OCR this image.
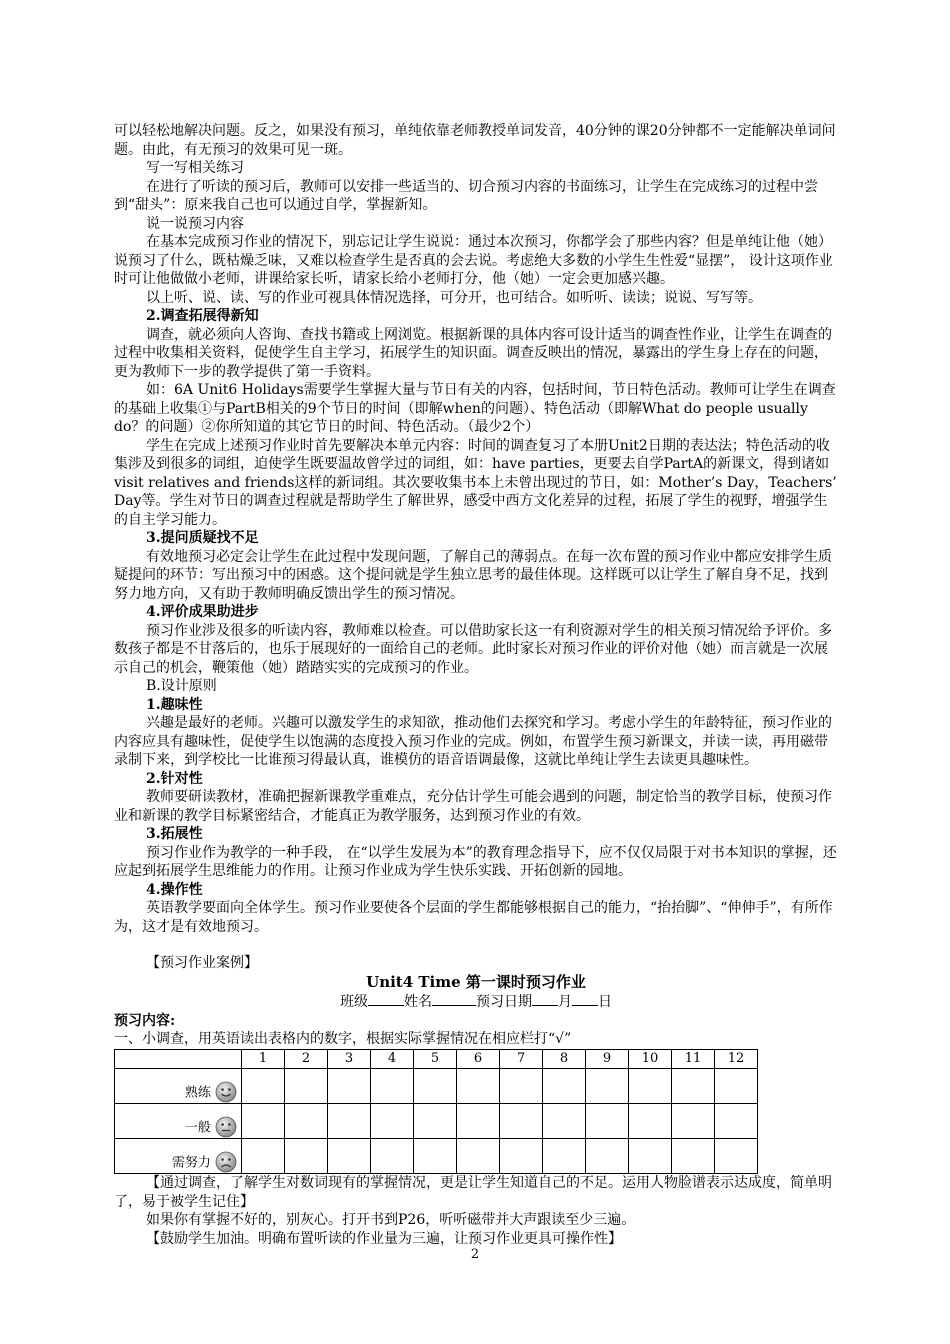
可以轻松地解决问题。反之，如果没有预习，单纯依靠老师教授单词发音，40分钟的课20分钟都不一定能解决单词问题。由此，有无预习的效果可见一斑。

写一写相关练习

在进行了听读的预习后，教师可以安排一些适当的、切合预习内容的书面练习，让学生在完成练习的过程中尝到“甜头”：原来我自己也可以通过自学，掌握新知。

说一说预习内容

在基本完成预习作业的情况下，别忘记让学生说说：通过本次预习，你都学会了那些内容？但是单纯让他（她）说预习了什么，既枯燥乏味，又难以检查学生是否真的会去说。考虑绝大多数的小学生生性爱“显摆”， 设计这项作业时可让他做做小老师，讲课给家长听，请家长给小老师打分，他（她）一定会更加感兴趣。

以上听、说、读、写的作业可视具体情况选择，可分开，也可结合。如听听、读读；说说、写写等。

2.调查拓展得新知

调查，就必须向人咨询、查找书籍或上网浏览。根据新课的具体内容可设计适当的调查性作业，让学生在调查的过程中收集相关资料，促使学生自主学习，拓展学生的知识面。调查反映出的情况，暴露出的学生身上存在的问题，更为教师下一步的教学提供了第一手资料。

如：6A Unit6 Holidays需要学生掌握大量与节日有关的内容，包括时间，节日特色活动。教师可让学生在调查的基础上收集①与PartB相关的9个节日的时间（即解when的问题）、特色活动（即解What do people usually do？的问题）②你所知道的其它节日的时间、特色活动。（最少2个）

学生在完成上述预习作业时首先要解决本单元内容：时间的调查复习了本册Unit2日期的表达法；特色活动的收集涉及到很多的词组，迫使学生既要温故曾学过的词组，如：have parties，更要去自学PartA的新课文，得到诸如visit relatives and friends这样的新词组。其次要收集书本上未曾出现过的节日，如：Mother’s Day，Teachers’ Day等。学生对节日的调查过程就是帮助学生了解世界，感受中西方文化差异的过程，拓展了学生的视野，增强学生的自主学习能力。

3.提问质疑找不足

有效地预习必定会让学生在此过程中发现问题，了解自己的薄弱点。在每一次布置的预习作业中都应安排学生质疑提问的环节：写出预习中的困惑。这个提问就是学生独立思考的最佳体现。这样既可以让学生了解自身不足，找到努力地方向，又有助于教师明确反馈出学生的预习情况。

4.评价成果助进步

预习作业涉及很多的听读内容，教师难以检查。可以借助家长这一有利资源对学生的相关预习情况给予评价。多数孩子都是不甘落后的，也乐于展现好的一面给自己的老师。此时家长对预习作业的评价对他（她）而言就是一次展示自己的机会，鞭策他（她）踏踏实实的完成预习的作业。

B.设计原则

1.趣味性

兴趣是最好的老师。兴趣可以激发学生的求知欲，推动他们去探究和学习。考虑小学生的年龄特征，预习作业的内容应具有趣味性，促使学生以饱满的态度投入预习作业的完成。例如，布置学生预习新课文，并读一读，再用磁带录制下来，到学校比一比谁预习得最认真，谁模仿的语音语调最像，这就比单纯让学生去读更具趣味性。

2.针对性

教师要研读教材，准确把握新课教学重难点，充分估计学生可能会遇到的问题，制定恰当的教学目标，使预习作业和新课的教学目标紧密结合，才能真正为教学服务，达到预习作业的有效。

3.拓展性

预习作业作为教学的一种手段， 在“以学生发展为本”的教育理念指导下，应不仅仅局限于对书本知识的掌握，还应起到拓展学生思维能力的作用。让预习作业成为学生快乐实践、开拓创新的园地。

4.操作性

英语教学要面向全体学生。预习作业要使各个层面的学生都能够根据自己的能力，“抬抬脚”、“伸伸手”，有所作为，这才是有效地预习。

【预习作业案例】

Unit4 Time 第一课时预习作业

班级	姓名	预习日期 月 日

预习内容:

一、小调查，用英语读出表格内的数字，根据实际掌握情况在相应栏打“√”

	1	2	3	4	5	6	7	8	9	10	11	12
熟练												
一般												
需努力												

【通过调查，了解学生对数词现有的掌握情况，更是让学生知道自己的不足。运用人物脸谱表示达成度，简单明了，易于被学生记住】

如果你有掌握不好的，别灰心。打开书到P26，听听磁带并大声跟读至少三遍。

【鼓励学生加油。明确布置听读的作业量为三遍，让预习作业更具可操作性】

2
